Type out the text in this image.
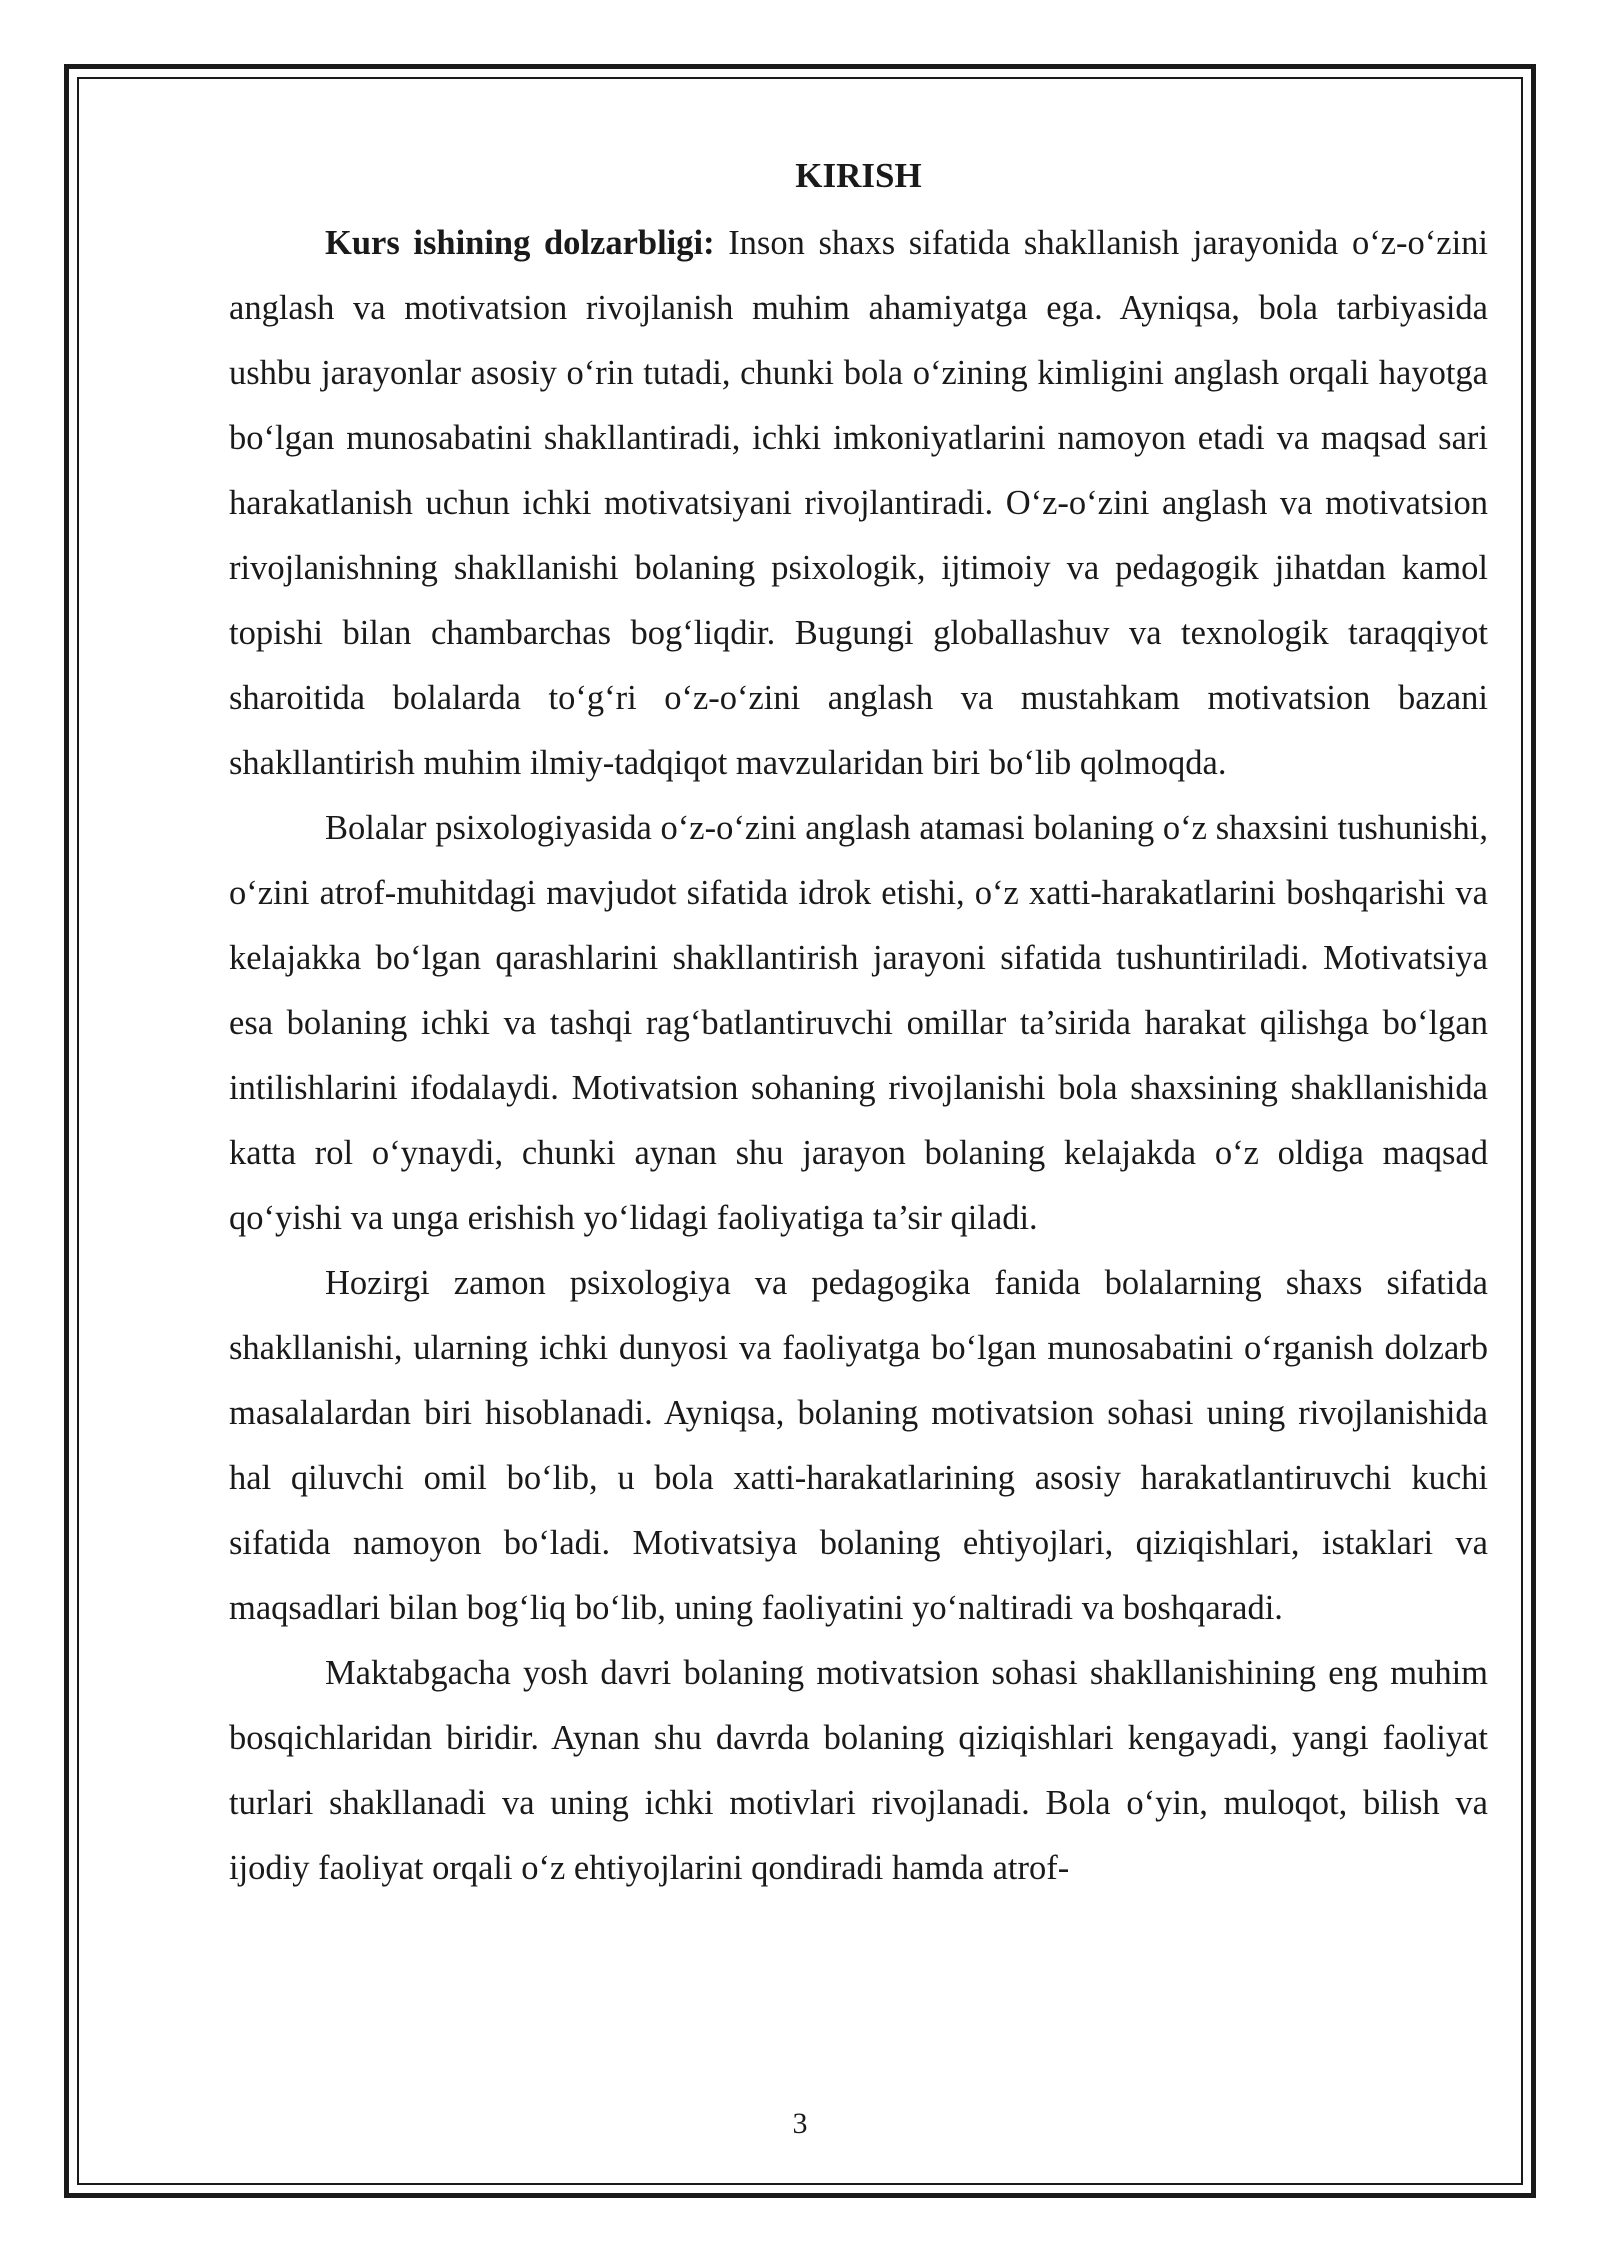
KIRISH

Kurs ishining dolzarbligi: Inson shaxs sifatida shakllanish jarayonida o‘z-o‘zini anglash va motivatsion rivojlanish muhim ahamiyatga ega. Ayniqsa, bola tarbiyasida ushbu jarayonlar asosiy o‘rin tutadi, chunki bola o‘zining kimligini anglash orqali hayotga bo‘lgan munosabatini shakllantiradi, ichki imkoniyatlarini namoyon etadi va maqsad sari harakatlanish uchun ichki motivatsiyani rivojlantiradi. O‘z-o‘zini anglash va motivatsion rivojlanishning shakllanishi bolaning psixologik, ijtimoiy va pedagogik jihatdan kamol topishi bilan chambarchas bog‘liqdir. Bugungi globallashuv va texnologik taraqqiyot sharoitida bolalarda to‘g‘ri o‘z-o‘zini anglash va mustahkam motivatsion bazani shakllantirish muhim ilmiy-tadqiqot mavzularidan biri bo‘lib qolmoqda.

Bolalar psixologiyasida o‘z-o‘zini anglash atamasi bolaning o‘z shaxsini tushunishi, o‘zini atrof-muhitdagi mavjudot sifatida idrok etishi, o‘z xatti-harakatlarini boshqarishi va kelajakka bo‘lgan qarashlarini shakllantirish jarayoni sifatida tushuntiriladi. Motivatsiya esa bolaning ichki va tashqi rag‘batlantiruvchi omillar ta’sirida harakat qilishga bo‘lgan intilishlarini ifodalaydi. Motivatsion sohaning rivojlanishi bola shaxsining shakllanishida katta rol o‘ynaydi, chunki aynan shu jarayon bolaning kelajakda o‘z oldiga maqsad qo‘yishi va unga erishish yo‘lidagi faoliyatiga ta’sir qiladi.

Hozirgi zamon psixologiya va pedagogika fanida bolalarning shaxs sifatida shakllanishi, ularning ichki dunyosi va faoliyatga bo‘lgan munosabatini o‘rganish dolzarb masalalardan biri hisoblanadi. Ayniqsa, bolaning motivatsion sohasi uning rivojlanishida hal qiluvchi omil bo‘lib, u bola xatti-harakatlarining asosiy harakatlantiruvchi kuchi sifatida namoyon bo‘ladi. Motivatsiya bolaning ehtiyojlari, qiziqishlari, istaklari va maqsadlari bilan bog‘liq bo‘lib, uning faoliyatini yo‘naltiradi va boshqaradi.

Maktabgacha yosh davri bolaning motivatsion sohasi shakllanishining eng muhim bosqichlaridan biridir. Aynan shu davrda bolaning qiziqishlari kengayadi, yangi faoliyat turlari shakllanadi va uning ichki motivlari rivojlanadi. Bola o‘yin, muloqot, bilish va ijodiy faoliyat orqali o‘z ehtiyojlarini qondiradi hamda atrof-

3
